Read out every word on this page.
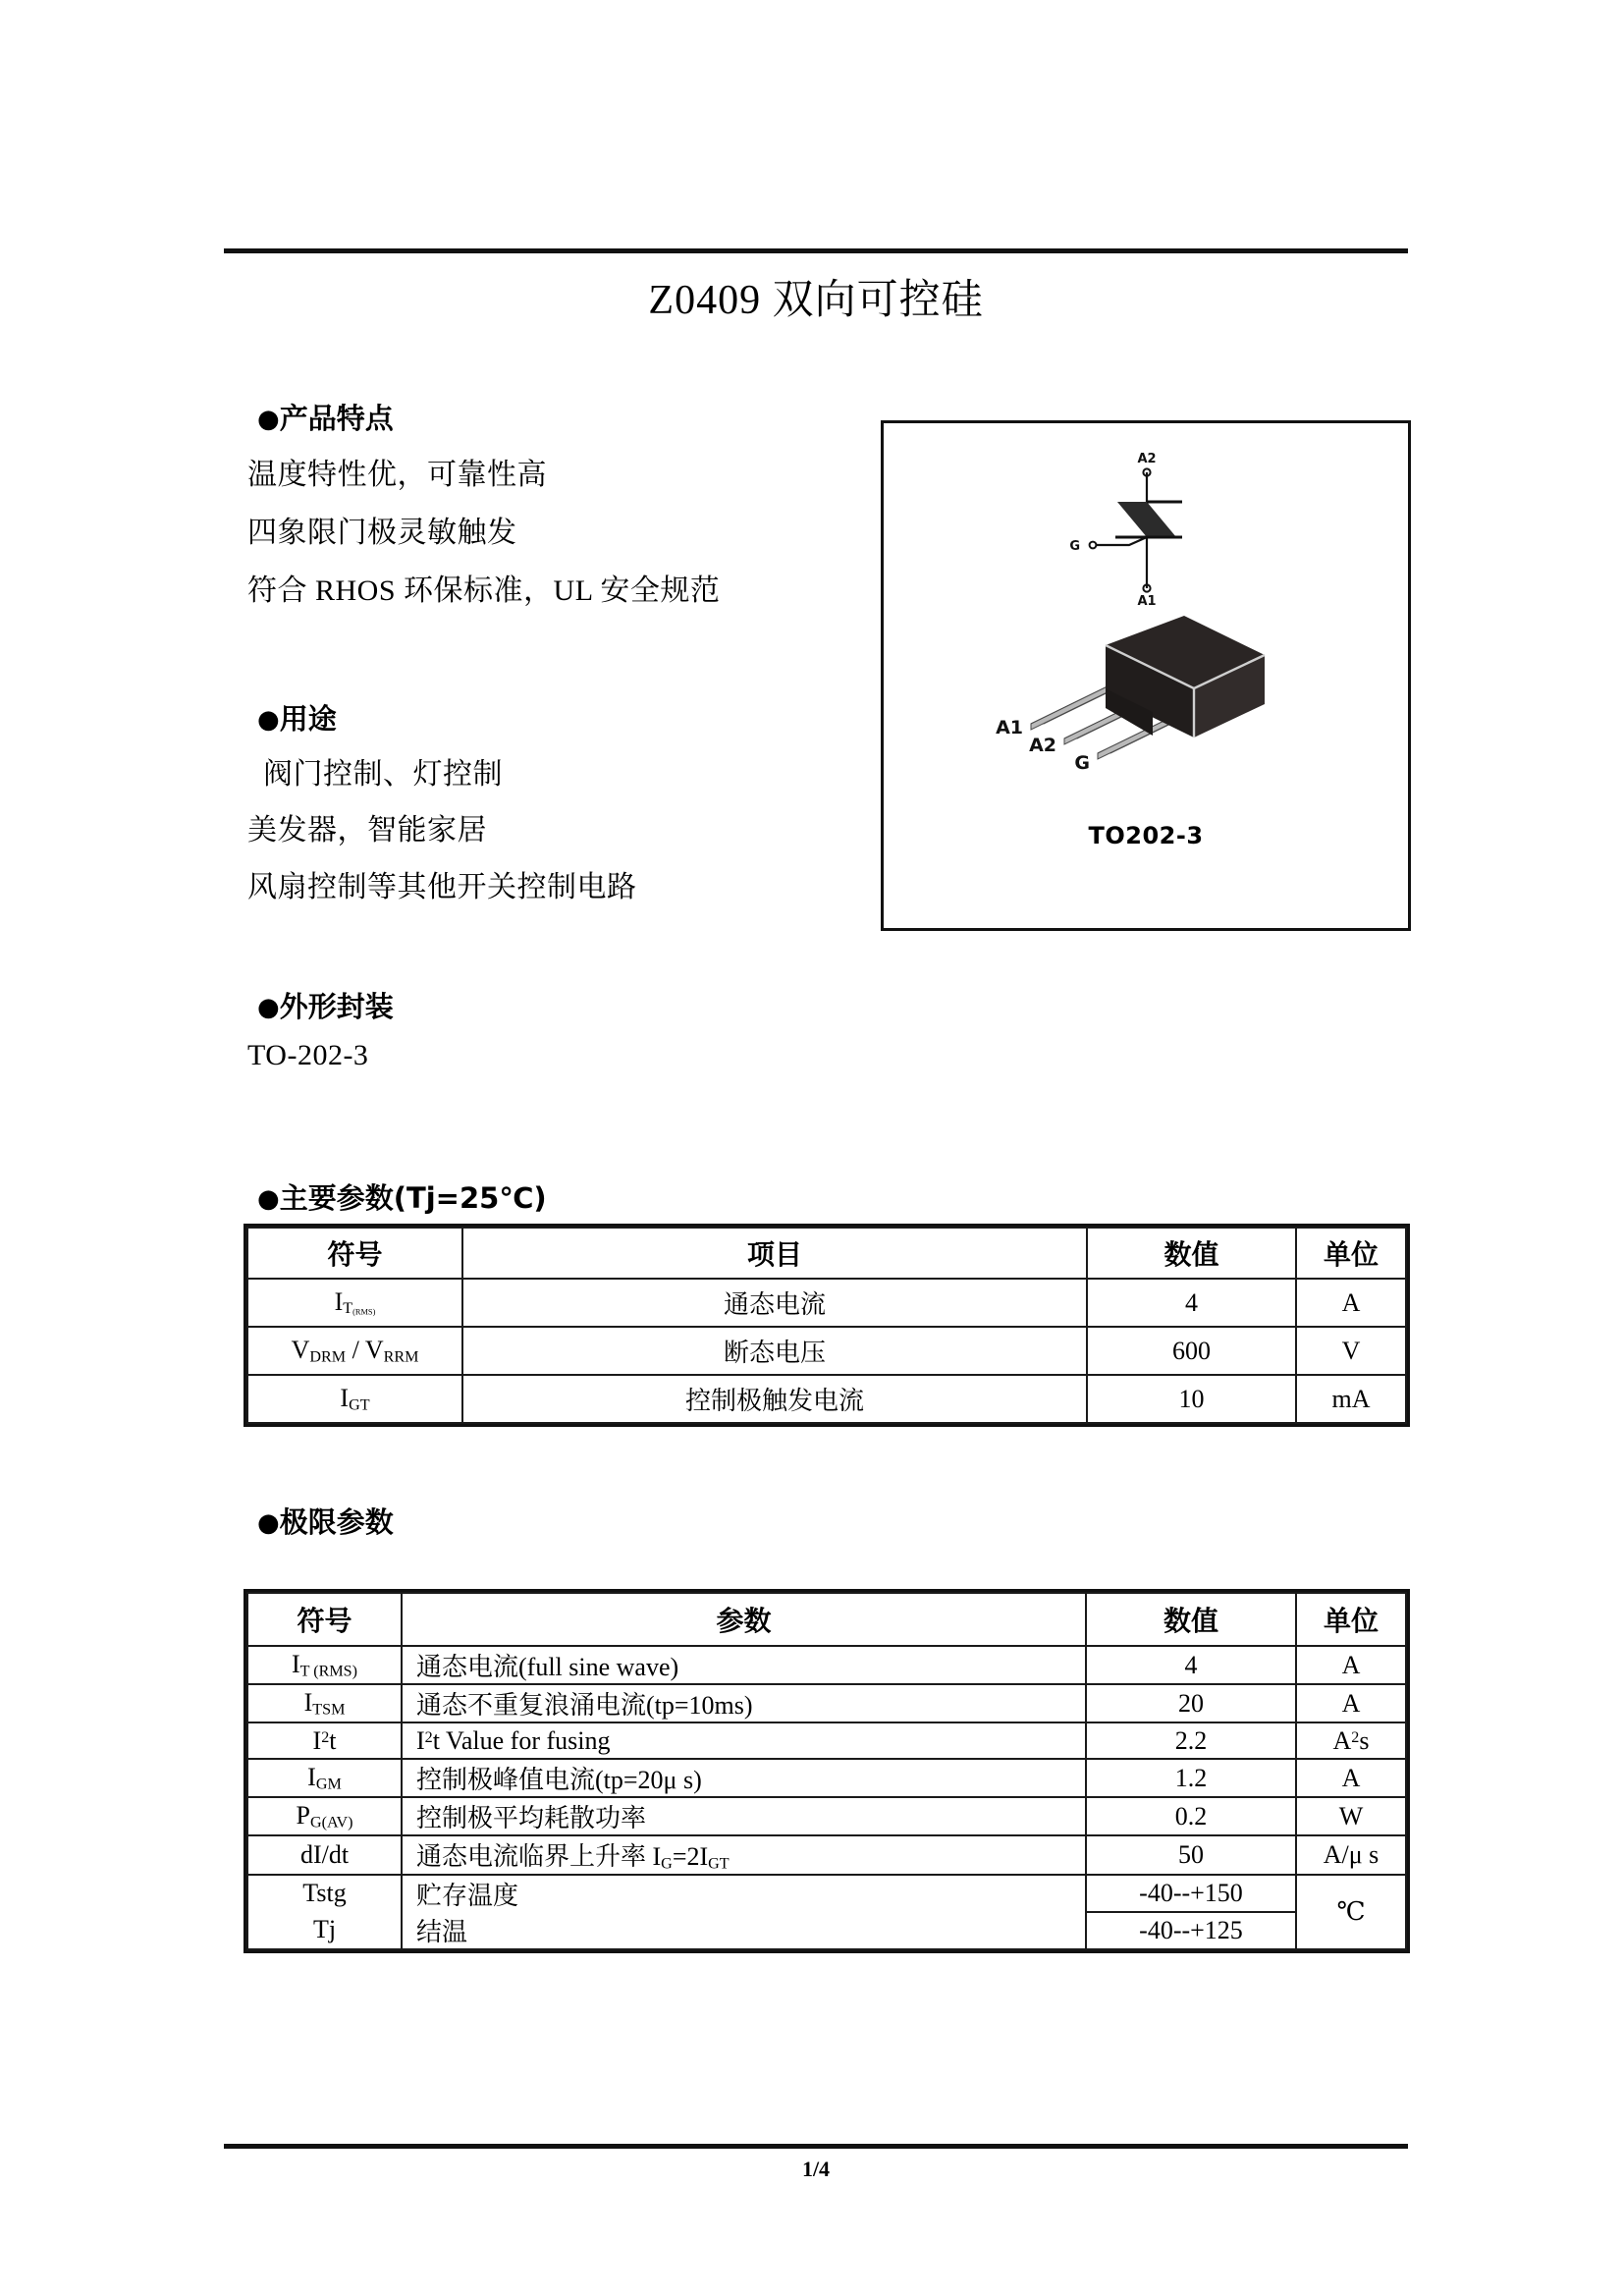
Z0409 双向可控硅
●产品特点
温度特性优，可靠性高
四象限门极灵敏触发
符合 RHOS 环保标准，UL 安全规范
●用途
阀门控制、灯控制
美发器，智能家居
风扇控制等其他开关控制电路
●外形封装
TO-202-3
A2
A1
G
A1
A2
G
TO202-3
●主要参数(Tj=25℃)
符号	项目	数值	单位
$I_{T(RMS)}$	通态电流	4	A
$V_{DRM} / V_{RRM}$	断态电压	600	V
$I_{GT}$	控制极触发电流	10	mA
●极限参数
符号	参数	数值	单位
$I_{T (RMS)}$	通态电流(full sine wave)	4	A
$I_{TSM}$	通态不重复浪涌电流(tp=10ms)	20	A
$I^2t$	$I^2t$ Value for fusing	2.2	$A^2s$
$I_{GM}$	控制极峰值电流(tp=20μ s)	1.2	A
$P_{G(AV)}$	控制极平均耗散功率	0.2	W
dI/dt	通态电流临界上升率 $I_G=2I_{GT}$	50	A/μ s
Tstg	贮存温度	-40--+150	℃
Tj	结温	-40--+125	
1/4
